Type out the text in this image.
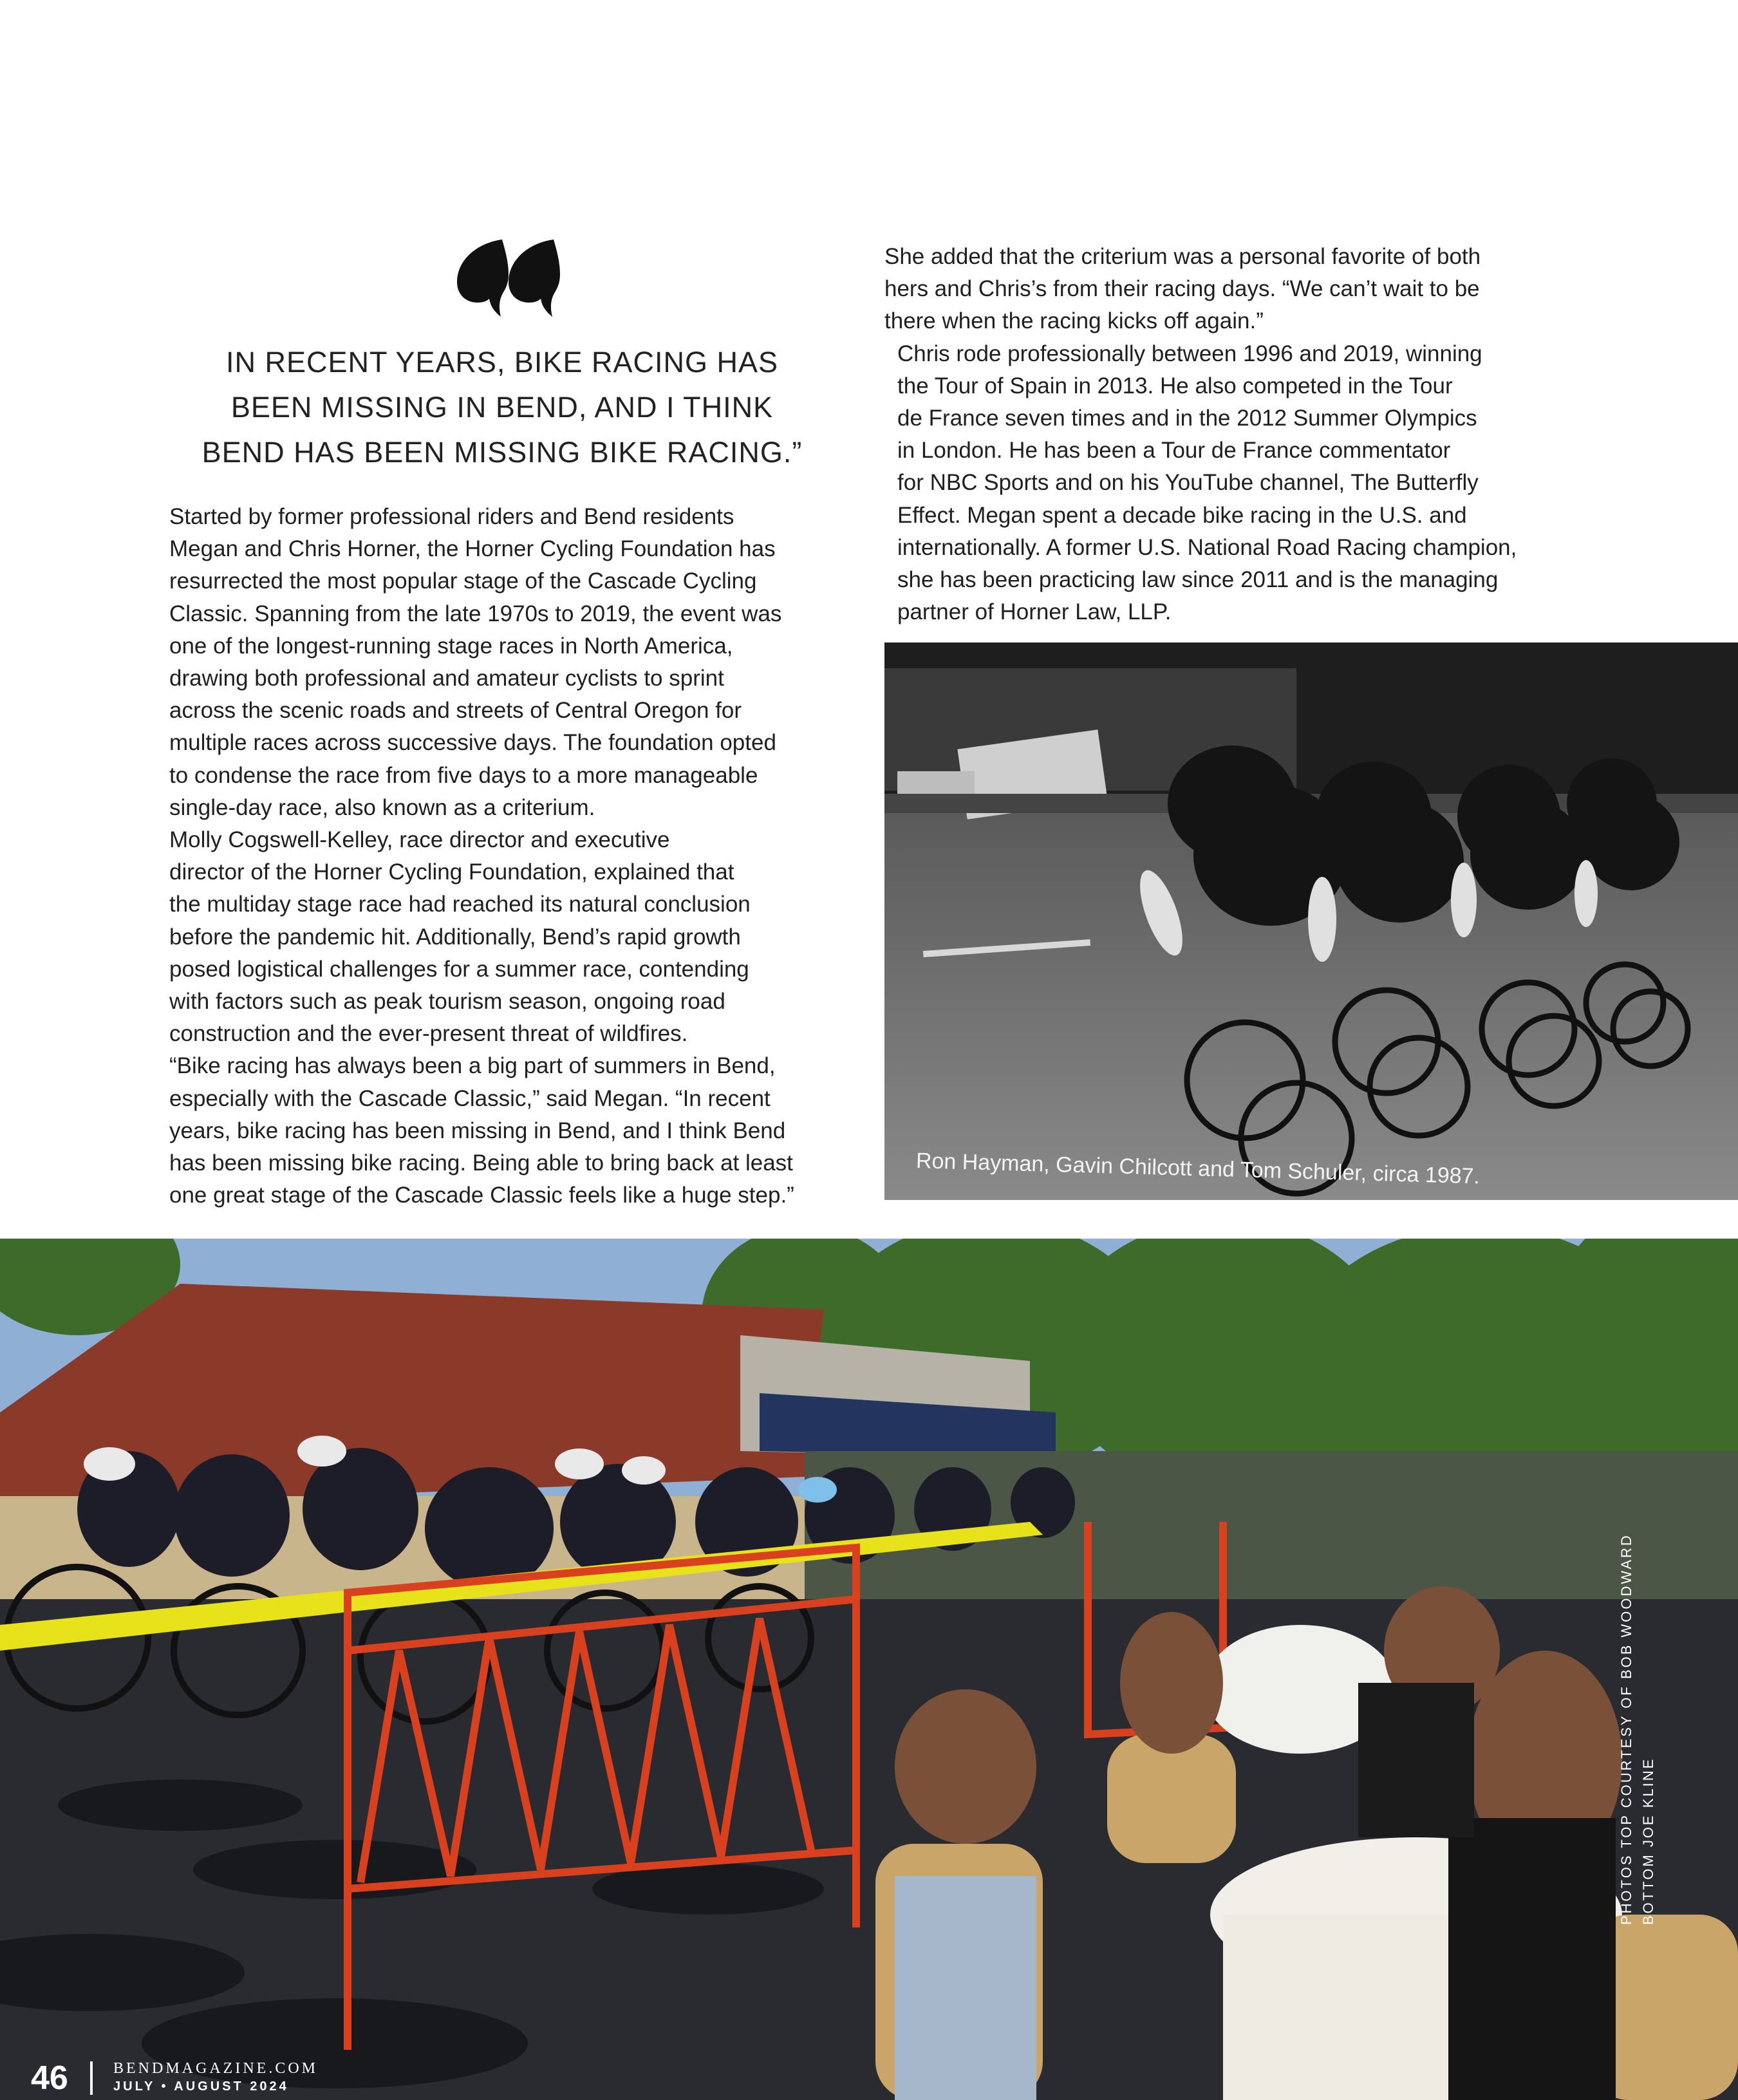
IN RECENT YEARS, BIKE RACING HAS
BEEN MISSING IN BEND, AND I THINK
BEND HAS BEEN MISSING BIKE RACING.”

Started by former professional riders and Bend residents
Megan and Chris Horner, the Horner Cycling Foundation has
resurrected the most popular stage of the Cascade Cycling
Classic. Spanning from the late 1970s to 2019, the event was
one of the longest-running stage races in North America,
drawing both professional and amateur cyclists to sprint
across the scenic roads and streets of Central Oregon for
multiple races across successive days. The foundation opted
to condense the race from five days to a more manageable
single-day race, also known as a criterium.

Molly Cogswell-Kelley, race director and executive
director of the Horner Cycling Foundation, explained that
the multiday stage race had reached its natural conclusion
before the pandemic hit. Additionally, Bend’s rapid growth
posed logistical challenges for a summer race, contending
with factors such as peak tourism season, ongoing road
construction and the ever-present threat of wildfires.

“Bike racing has always been a big part of summers in Bend,
especially with the Cascade Classic,” said Megan. “In recent
years, bike racing has been missing in Bend, and I think Bend
has been missing bike racing. Being able to bring back at least
one great stage of the Cascade Classic feels like a huge step.”

She added that the criterium was a personal favorite of both
hers and Chris’s from their racing days. “We can’t wait to be
there when the racing kicks off again.”

Chris rode professionally between 1996 and 2019, winning
the Tour of Spain in 2013. He also competed in the Tour
de France seven times and in the 2012 Summer Olympics
in London. He has been a Tour de France commentator
for NBC Sports and on his YouTube channel, The Butterfly
Effect. Megan spent a decade bike racing in the U.S. and
internationally. A former U.S. National Road Racing champion,
she has been practicing law since 2011 and is the managing
partner of Horner Law, LLP.

Ron Hayman, Gavin Chilcott and Tom Schuler, circa 1987.
PHOTOS TOP COURTESY OF BOB WOODWARD BOTTOM JOE KLINE
46	BENDMAGAZINE.COM
JULY • AUGUST 2024
